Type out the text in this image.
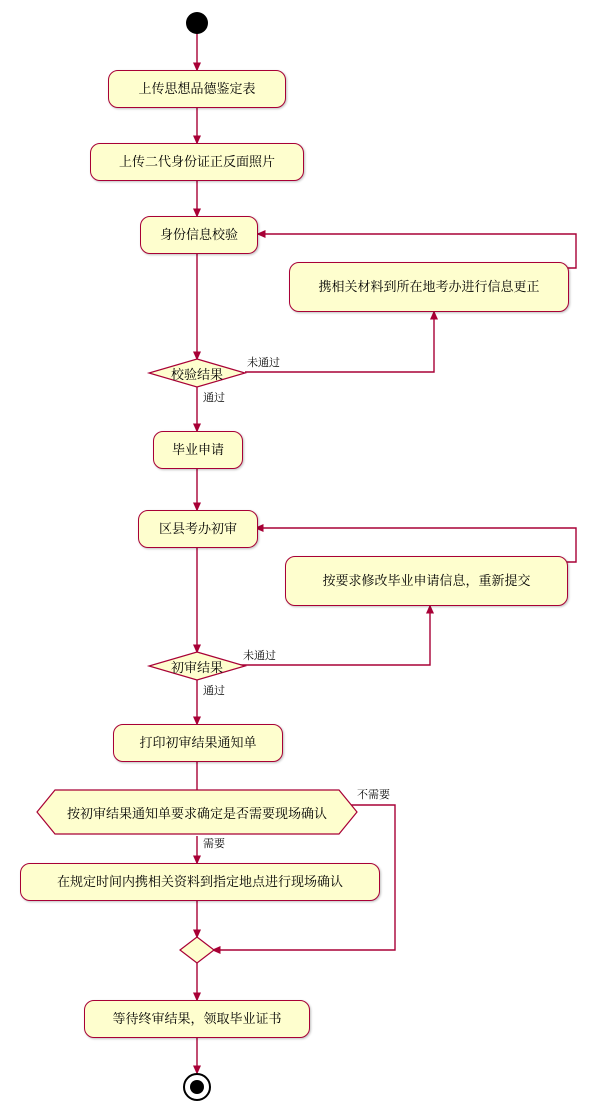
上传思想品德鉴定表
上传二代身份证正反面照片
身份信息校验
携相关材料到所在地考办进行信息更正
校验结果
未通过
通过
毕业申请
区县考办初审
按要求修改毕业申请信息，重新提交
初审结果
未通过
通过
打印初审结果通知单
按初审结果通知单要求确定是否需要现场确认
不需要
需要
在规定时间内携相关资料到指定地点进行现场确认
等待终审结果，领取毕业证书
